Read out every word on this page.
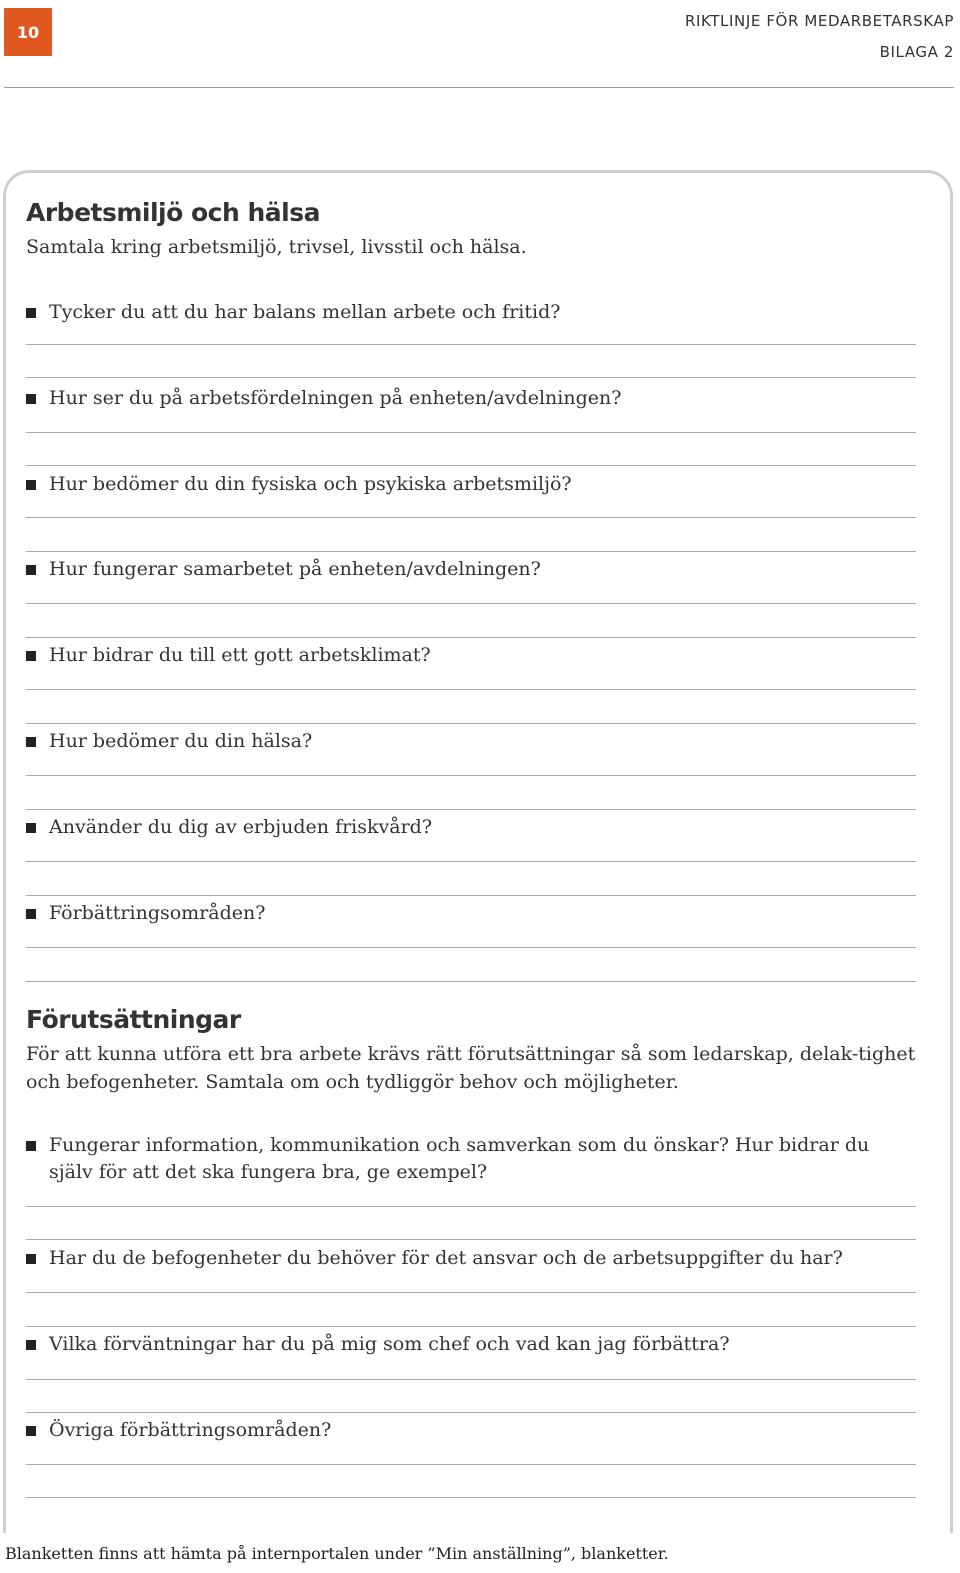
10
RIKTLINJE FÖR MEDARBETARSKAP
BILAGA 2
Arbetsmiljö och hälsa

Samtala kring arbetsmiljö, trivsel, livsstil och hälsa.

Tycker du att du har balans mellan arbete och fritid?
Hur ser du på arbetsfördelningen på enheten/avdelningen?
Hur bedömer du din fysiska och psykiska arbetsmiljö?
Hur fungerar samarbetet på enheten/avdelningen?
Hur bidrar du till ett gott arbetsklimat?
Hur bedömer du din hälsa?
Använder du dig av erbjuden friskvård?
Förbättringsområden?
Förutsättningar

För att kunna utföra ett bra arbete krävs rätt förutsättningar så som ledarskap, delak-tighet och befogenheter. Samtala om och tydliggör behov och möjligheter.

Fungerar information, kommunikation och samverkan som du önskar? Hur bidrar du själv för att det ska fungera bra, ge exempel?
Har du de befogenheter du behöver för det ansvar och de arbetsuppgifter du har?
Vilka förväntningar har du på mig som chef och vad kan jag förbättra?
Övriga förbättringsområden?
Blanketten finns att hämta på internportalen under ”Min anställning”, blanketter.
